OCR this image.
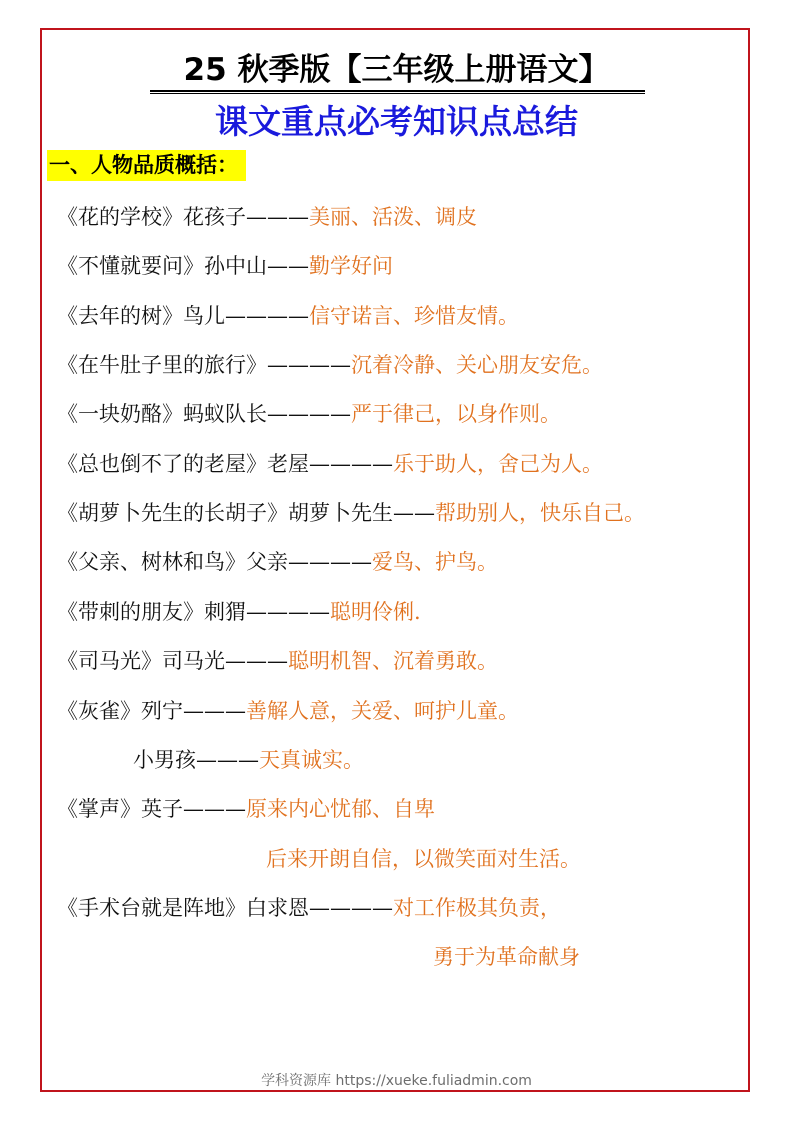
25 秋季版【三年级上册语文】
课文重点必考知识点总结
一、人物品质概括：
《花的学校》花孩子———美丽、活泼、调皮
《不懂就要问》孙中山——勤学好问
《去年的树》鸟儿————信守诺言、珍惜友情。
《在牛肚子里的旅行》————沉着冷静、关心朋友安危。
《一块奶酪》蚂蚁队长————严于律己，以身作则。
《总也倒不了的老屋》老屋————乐于助人，舍己为人。
《胡萝卜先生的长胡子》胡萝卜先生——帮助别人，快乐自己。
《父亲、树林和鸟》父亲————爱鸟、护鸟。
《带刺的朋友》刺猬————聪明伶俐.
《司马光》司马光———聪明机智、沉着勇敢。
《灰雀》列宁———善解人意，关爱、呵护儿童。
小男孩———天真诚实。
《掌声》英子———原来内心忧郁、自卑
后来开朗自信，以微笑面对生活。
《手术台就是阵地》白求恩————对工作极其负责，
勇于为革命献身
学科资源库 https://xueke.fuliadmin.com
